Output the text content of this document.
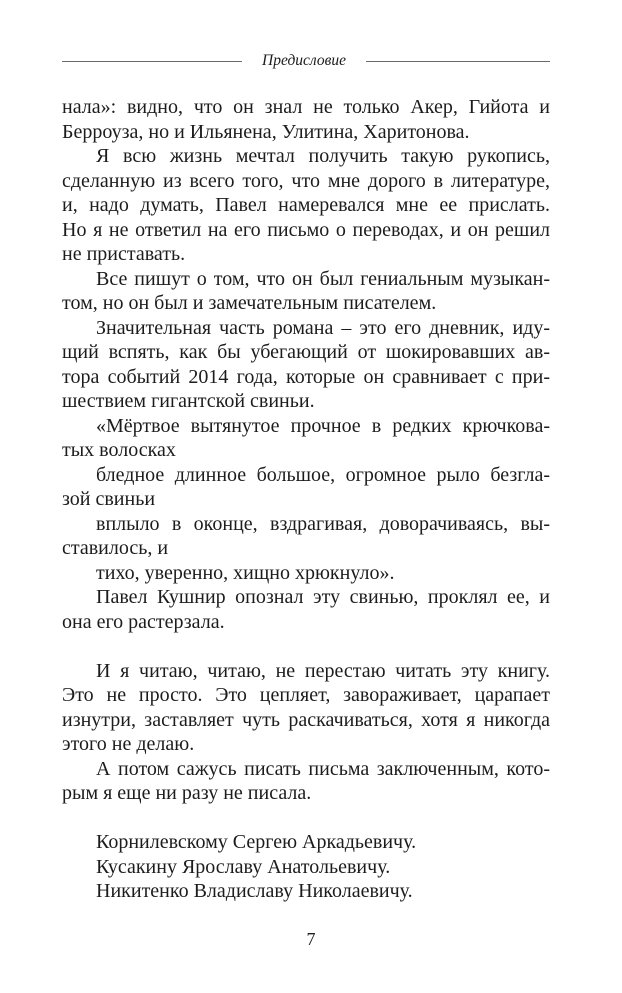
Предисловие
нала»: видно, что он знал не только Акер, Гийота и
Берроуза, но и Ильянена, Улитина, Харитонова.
Я всю жизнь мечтал получить такую рукопись,
сделанную из всего того, что мне дорого в литературе,
и, надо думать, Павел намеревался мне ее прислать.
Но я не ответил на его письмо о переводах, и он решил
не приставать.
Все пишут о том, что он был гениальным музыкан-
том, но он был и замечательным писателем.
Значительная часть романа – это его дневник, иду-
щий вспять, как бы убегающий от шокировавших ав-
тора событий 2014 года, которые он сравнивает с при-
шествием гигантской свиньи.
«Мёртвое вытянутое прочное в редких крючкова-
тых волосках
бледное длинное большое, огромное рыло безгла-
зой свиньи
вплыло в оконце, вздрагивая, доворачиваясь, вы-
ставилось, и
тихо, уверенно, хищно хрюкнуло».
Павел Кушнир опознал эту свинью, проклял ее, и
она его растерзала.
И я читаю, читаю, не перестаю читать эту книгу.
Это не просто. Это цепляет, завораживает, царапает
изнутри, заставляет чуть раскачиваться, хотя я никогда
этого не делаю.
А потом сажусь писать письма заключенным, кото-
рым я еще ни разу не писала.
Корнилевскому Сергею Аркадьевичу.
Кусакину Ярославу Анатольевичу.
Никитенко Владиславу Николаевичу.
7
